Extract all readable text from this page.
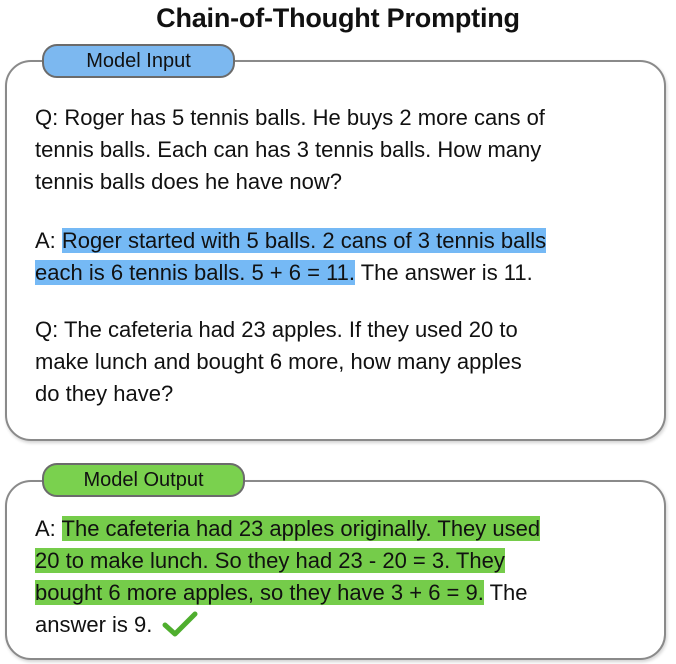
Chain-of-Thought Prompting
Model Input
Q: Roger has 5 tennis balls. He buys 2 more cans of
tennis balls. Each can has 3 tennis balls. How many
tennis balls does he have now?
A: Roger started with 5 balls. 2 cans of 3 tennis balls
each is 6 tennis balls. 5 + 6 = 11. The answer is 11.
Q: The cafeteria had 23 apples. If they used 20 to
make lunch and bought 6 more, how many apples
do they have?
Model Output
A: The cafeteria had 23 apples originally. They used
20 to make lunch. So they had 23 - 20 = 3. They
bought 6 more apples, so they have 3 + 6 = 9. The
answer is 9.
